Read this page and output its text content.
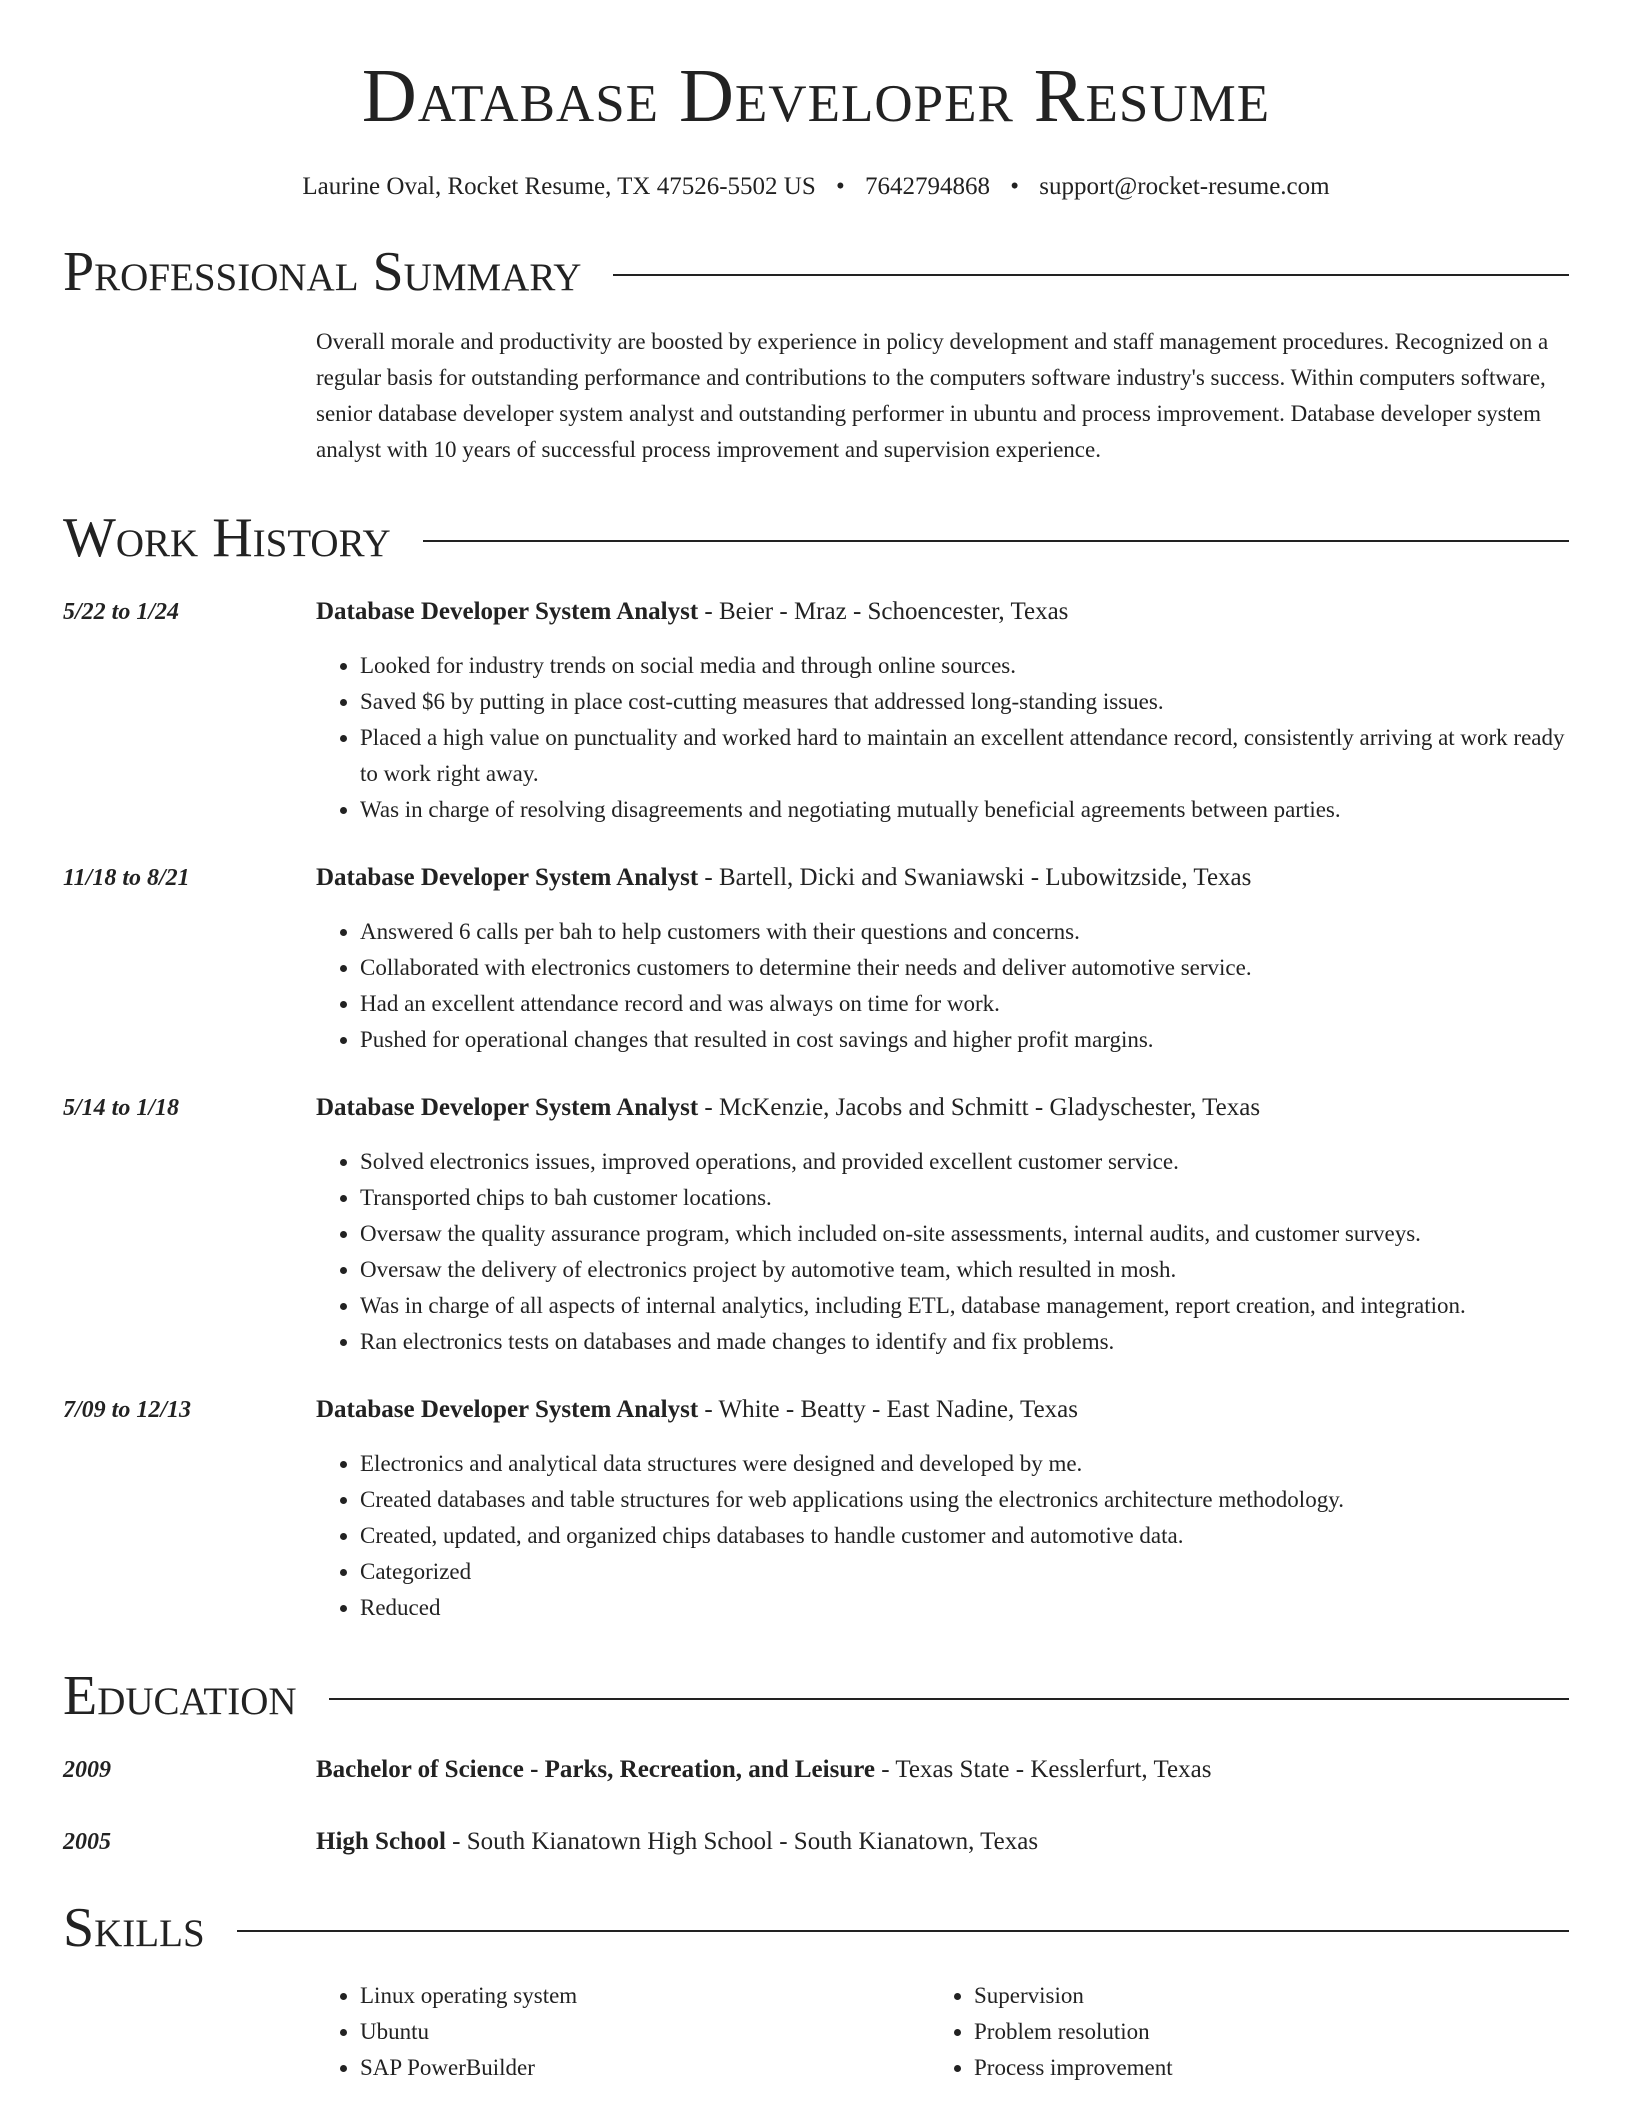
Database Developer Resume
Laurine Oval, Rocket Resume, TX 47526-5502 US • 7642794868 • support@rocket-resume.com
Professional Summary
Overall morale and productivity are boosted by experience in policy development and staff management procedures. Recognized on a regular basis for outstanding performance and contributions to the computers software industry's success. Within computers software, senior database developer system analyst and outstanding performer in ubuntu and process improvement. Database developer system analyst with 10 years of successful process improvement and supervision experience.
Work History
5/22 to 1/24	Database Developer System Analyst - Beier - Mraz - Schoencester, Texas
• Looked for industry trends on social media and through online sources.
• Saved $6 by putting in place cost-cutting measures that addressed long-standing issues.
• Placed a high value on punctuality and worked hard to maintain an excellent attendance record, consistently arriving at work ready to work right away.
• Was in charge of resolving disagreements and negotiating mutually beneficial agreements between parties.
11/18 to 8/21	Database Developer System Analyst - Bartell, Dicki and Swaniawski - Lubowitzside, Texas
• Answered 6 calls per bah to help customers with their questions and concerns.
• Collaborated with electronics customers to determine their needs and deliver automotive service.
• Had an excellent attendance record and was always on time for work.
• Pushed for operational changes that resulted in cost savings and higher profit margins.
5/14 to 1/18	Database Developer System Analyst - McKenzie, Jacobs and Schmitt - Gladyschester, Texas
• Solved electronics issues, improved operations, and provided excellent customer service.
• Transported chips to bah customer locations.
• Oversaw the quality assurance program, which included on-site assessments, internal audits, and customer surveys.
• Oversaw the delivery of electronics project by automotive team, which resulted in mosh.
• Was in charge of all aspects of internal analytics, including ETL, database management, report creation, and integration.
• Ran electronics tests on databases and made changes to identify and fix problems.
7/09 to 12/13	Database Developer System Analyst - White - Beatty - East Nadine, Texas
• Electronics and analytical data structures were designed and developed by me.
• Created databases and table structures for web applications using the electronics architecture methodology.
• Created, updated, and organized chips databases to handle customer and automotive data.
• Categorized
• Reduced
Education
2009	Bachelor of Science - Parks, Recreation, and Leisure - Texas State - Kesslerfurt, Texas
2005	High School - South Kianatown High School - South Kianatown, Texas
Skills
• Linux operating system
• Ubuntu
• SAP PowerBuilder
• Supervision
• Problem resolution
• Process improvement
